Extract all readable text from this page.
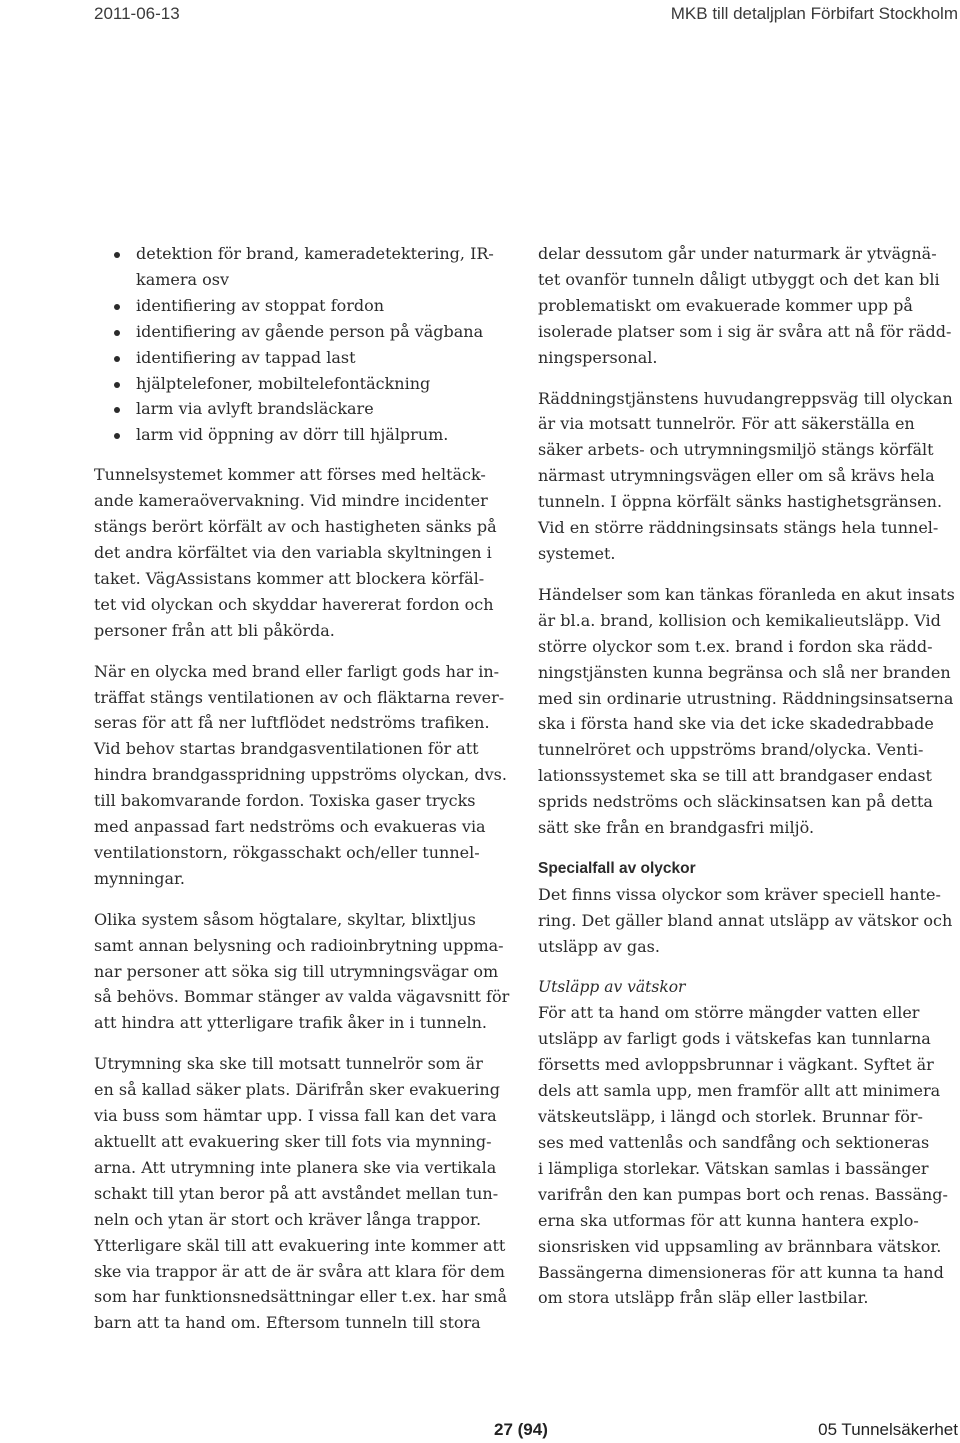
2011-06-13	MKB till detaljplan Förbifart Stockholm
detektion för brand, kameradetektering, IR-
kamera osv
identifiering av stoppat fordon
identifiering av gående person på vägbana
identifiering av tappad last
hjälptelefoner, mobiltelefontäckning
larm via avlyft brandsläckare
larm vid öppning av dörr till hjälprum.
Tunnelsystemet kommer att förses med heltäck-
ande kameraövervakning. Vid mindre incidenter
stängs berört körfält av och hastigheten sänks på
det andra körfältet via den variabla skyltningen i
taket. VägAssistans kommer att blockera körfäl-
tet vid olyckan och skyddar havererat fordon och
personer från att bli påkörda.
När en olycka med brand eller farligt gods har in-
träffat stängs ventilationen av och fläktarna rever-
seras för att få ner luftflödet nedströms trafiken.
Vid behov startas brandgasventilationen för att
hindra brandgasspridning uppströms olyckan, dvs.
till bakomvarande fordon. Toxiska gaser trycks
med anpassad fart nedströms och evakueras via
ventilationstorn, rökgasschakt och/eller tunnel-
mynningar.
Olika system såsom högtalare, skyltar, blixtljus
samt annan belysning och radioinbrytning uppma-
nar personer att söka sig till utrymningsvägar om
så behövs. Bommar stänger av valda vägavsnitt för
att hindra att ytterligare trafik åker in i tunneln.
Utrymning ska ske till motsatt tunnelrör som är
en så kallad säker plats. Därifrån sker evakuering
via buss som hämtar upp. I vissa fall kan det vara
aktuellt att evakuering sker till fots via mynning-
arna. Att utrymning inte planera ske via vertikala
schakt till ytan beror på att avståndet mellan tun-
neln och ytan är stort och kräver långa trappor.
Ytterligare skäl till att evakuering inte kommer att
ske via trappor är att de är svåra att klara för dem
som har funktionsnedsättningar eller t.ex. har små
barn att ta hand om. Eftersom tunneln till stora
delar dessutom går under naturmark är ytvägnä-
tet ovanför tunneln dåligt utbyggt och det kan bli
problematiskt om evakuerade kommer upp på
isolerade platser som i sig är svåra att nå för rädd-
ningspersonal.
Räddningstjänstens huvudangreppsväg till olyckan
är via motsatt tunnelrör. För att säkerställa en
säker arbets- och utrymningsmiljö stängs körfält
närmast utrymningsvägen eller om så krävs hela
tunneln. I öppna körfält sänks hastighetsgränsen.
Vid en större räddningsinsats stängs hela tunnel-
systemet.
Händelser som kan tänkas föranleda en akut insats
är bl.a. brand, kollision och kemikalieutsläpp. Vid
större olyckor som t.ex. brand i fordon ska rädd-
ningstjänsten kunna begränsa och slå ner branden
med sin ordinarie utrustning. Räddningsinsatserna
ska i första hand ske via det icke skadedrabbade
tunnelröret och uppströms brand/olycka. Venti-
lationssystemet ska se till att brandgaser endast
sprids nedströms och släckinsatsen kan på detta
sätt ske från en brandgasfri miljö.
Specialfall av olyckor
Det finns vissa olyckor som kräver speciell hante-
ring. Det gäller bland annat utsläpp av vätskor och
utsläpp av gas.
Utsläpp av vätskor
För att ta hand om större mängder vatten eller
utsläpp av farligt gods i vätskefas kan tunnlarna
försetts med avloppsbrunnar i vägkant. Syftet är
dels att samla upp, men framför allt att minimera
vätskeutsläpp, i längd och storlek. Brunnar för-
ses med vattenlås och sandfång och sektioneras
i lämpliga storlekar. Vätskan samlas i bassänger
varifrån den kan pumpas bort och renas. Bassäng-
erna ska utformas för att kunna hantera explo-
sionsrisken vid uppsamling av brännbara vätskor.
Bassängerna dimensioneras för att kunna ta hand
om stora utsläpp från släp eller lastbilar.
27 (94)	05 Tunnelsäkerhet
